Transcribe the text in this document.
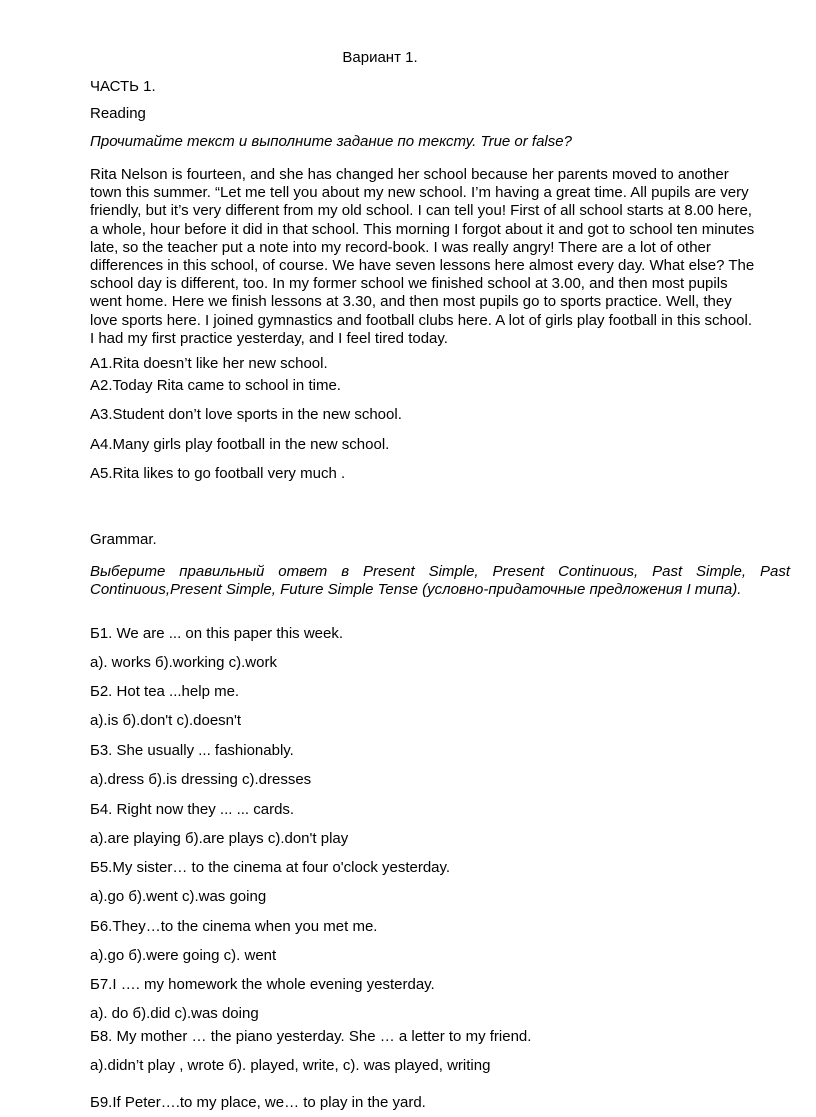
Вариант 1.
ЧАСТЬ 1.
Reading
Прочитайте текст и выполните задание по тексту. True or false?
Rita Nelson is fourteen, and she has changed her school because her parents moved to another
town this summer. “Let me tell you about my new school. I’m having a great time. All pupils are very
friendly, but it’s very different from my old school. I can tell you! First of all school starts at 8.00 here,
a whole, hour before it did in that school. This morning I forgot about it and got to school ten minutes
late, so the teacher put a note into my record-book. I was really angry! There are a lot of other
differences in this school, of course. We have seven lessons here almost every day. What else? The
school day is different, too. In my former school we finished school at 3.00, and then most pupils
went home. Here we finish lessons at 3.30, and then most pupils go to sports practice. Well, they
love sports here. I joined gymnastics and football clubs here. A lot of girls play football in this school.
I had my first practice yesterday, and I feel tired today.
A1.Rita doesn’t like her new school.
A2.Today Rita came to school in time.
A3.Student don’t love sports in the new school.
A4.Many girls play football in the new school.
A5.Rita likes to go football very much .
Grammar.
Выберите правильный ответ в Present Simple, Present Continuous, Past Simple, Past
Continuous,Present Simple, Future Simple Tense (условно-придаточные предложения I типа).
Б1. We are ... on this paper this week.
а). works б).working c).work
Б2. Hot tea ...help me.
а).is б).don't c).doesn't
Б3. She usually ... fashionably.
а).dress б).is dressing c).dresses
Б4. Right now they ... ... cards.
а).are playing б).are plays c).don't play
Б5.My sister… to the cinema at four o'clock yesterday.
а).go б).went c).was going
Б6.They…to the cinema when you met me.
а).go б).were going c). went
Б7.I …. my homework the whole evening yesterday.
а). do б).did c).was doing
Б8. My mother … the piano yesterday. She … a letter to my friend.
а).didn’t play , wrote б). played, write, c). was played, writing
Б9.If Peter….to my place, we… to play in the yard.
